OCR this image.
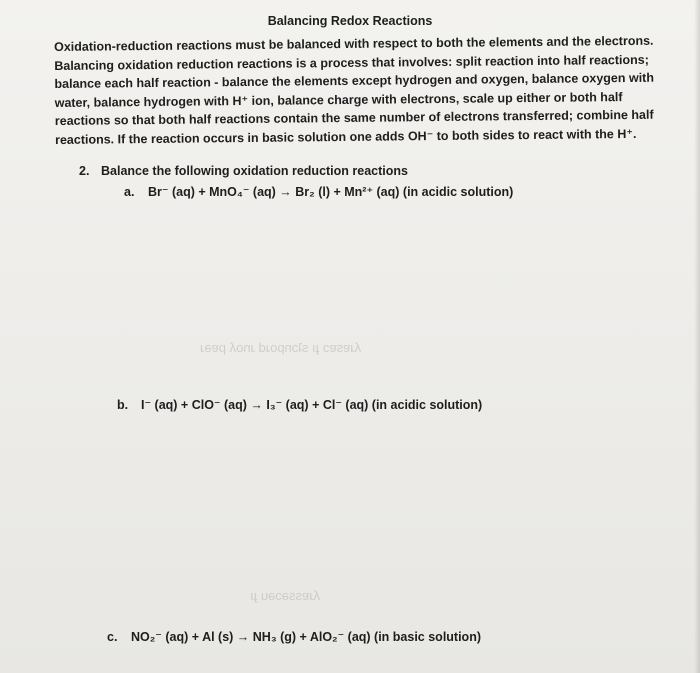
ʎɹɐsɐɔ ɟı sʇɔnpoɹd ɹnoʎ pɐǝɹ
ʎɹɐssǝɔǝu ɟı
Balancing Redox Reactions
Oxidation-reduction reactions must be balanced with respect to both the elements and the electrons.
Balancing oxidation reduction reactions is a process that involves: split reaction into half reactions;
balance each half reaction - balance the elements except hydrogen and oxygen, balance oxygen with
water, balance hydrogen with H⁺ ion, balance charge with electrons, scale up either or both half
reactions so that both half reactions contain the same number of electrons transferred; combine half
reactions. If the reaction occurs in basic solution one adds OH⁻ to both sides to react with the H⁺.
2. Balance the following oxidation reduction reactions
a. Br⁻ (aq) + MnO₄⁻ (aq) → Br₂ (l) + Mn²⁺ (aq) (in acidic solution)
b. I⁻ (aq) + ClO⁻ (aq) → I₃⁻ (aq) + Cl⁻ (aq) (in acidic solution)
c. NO₂⁻ (aq) + Al (s) → NH₃ (g) + AlO₂⁻ (aq) (in basic solution)
